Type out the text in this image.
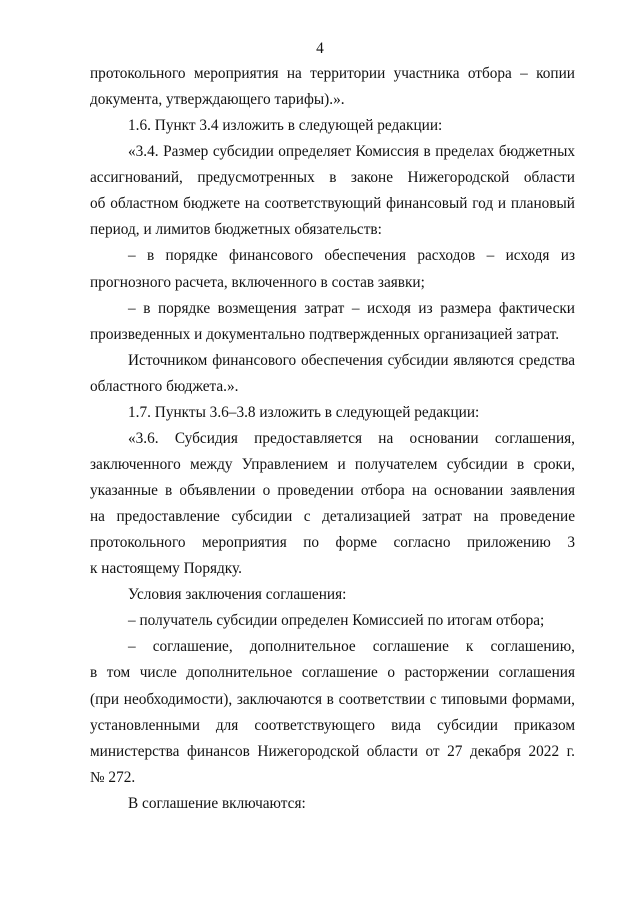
4
протокольного мероприятия на территории участника отбора – копии
документа, утверждающего тарифы).».
1.6. Пункт 3.4 изложить в следующей редакции:
«3.4. Размер субсидии определяет Комиссия в пределах бюджетных
ассигнований, предусмотренных в законе Нижегородской области
об областном бюджете на соответствующий финансовый год и плановый
период, и лимитов бюджетных обязательств:
– в порядке финансового обеспечения расходов – исходя из
прогнозного расчета, включенного в состав заявки;
– в порядке возмещения затрат – исходя из размера фактически
произведенных и документально подтвержденных организацией затрат.
Источником финансового обеспечения субсидии являются средства
областного бюджета.».
1.7. Пункты 3.6–3.8 изложить в следующей редакции:
«3.6. Субсидия предоставляется на основании соглашения,
заключенного между Управлением и получателем субсидии в сроки,
указанные в объявлении о проведении отбора на основании заявления
на предоставление субсидии с детализацией затрат на проведение
протокольного мероприятия по форме согласно приложению 3
к настоящему Порядку.
Условия заключения соглашения:
– получатель субсидии определен Комиссией по итогам отбора;
– соглашение, дополнительное соглашение к соглашению,
в том числе дополнительное соглашение о расторжении соглашения
(при необходимости), заключаются в соответствии с типовыми формами,
установленными для соответствующего вида субсидии приказом
министерства финансов Нижегородской области от 27 декабря 2022 г.
№ 272.
В соглашение включаются:
